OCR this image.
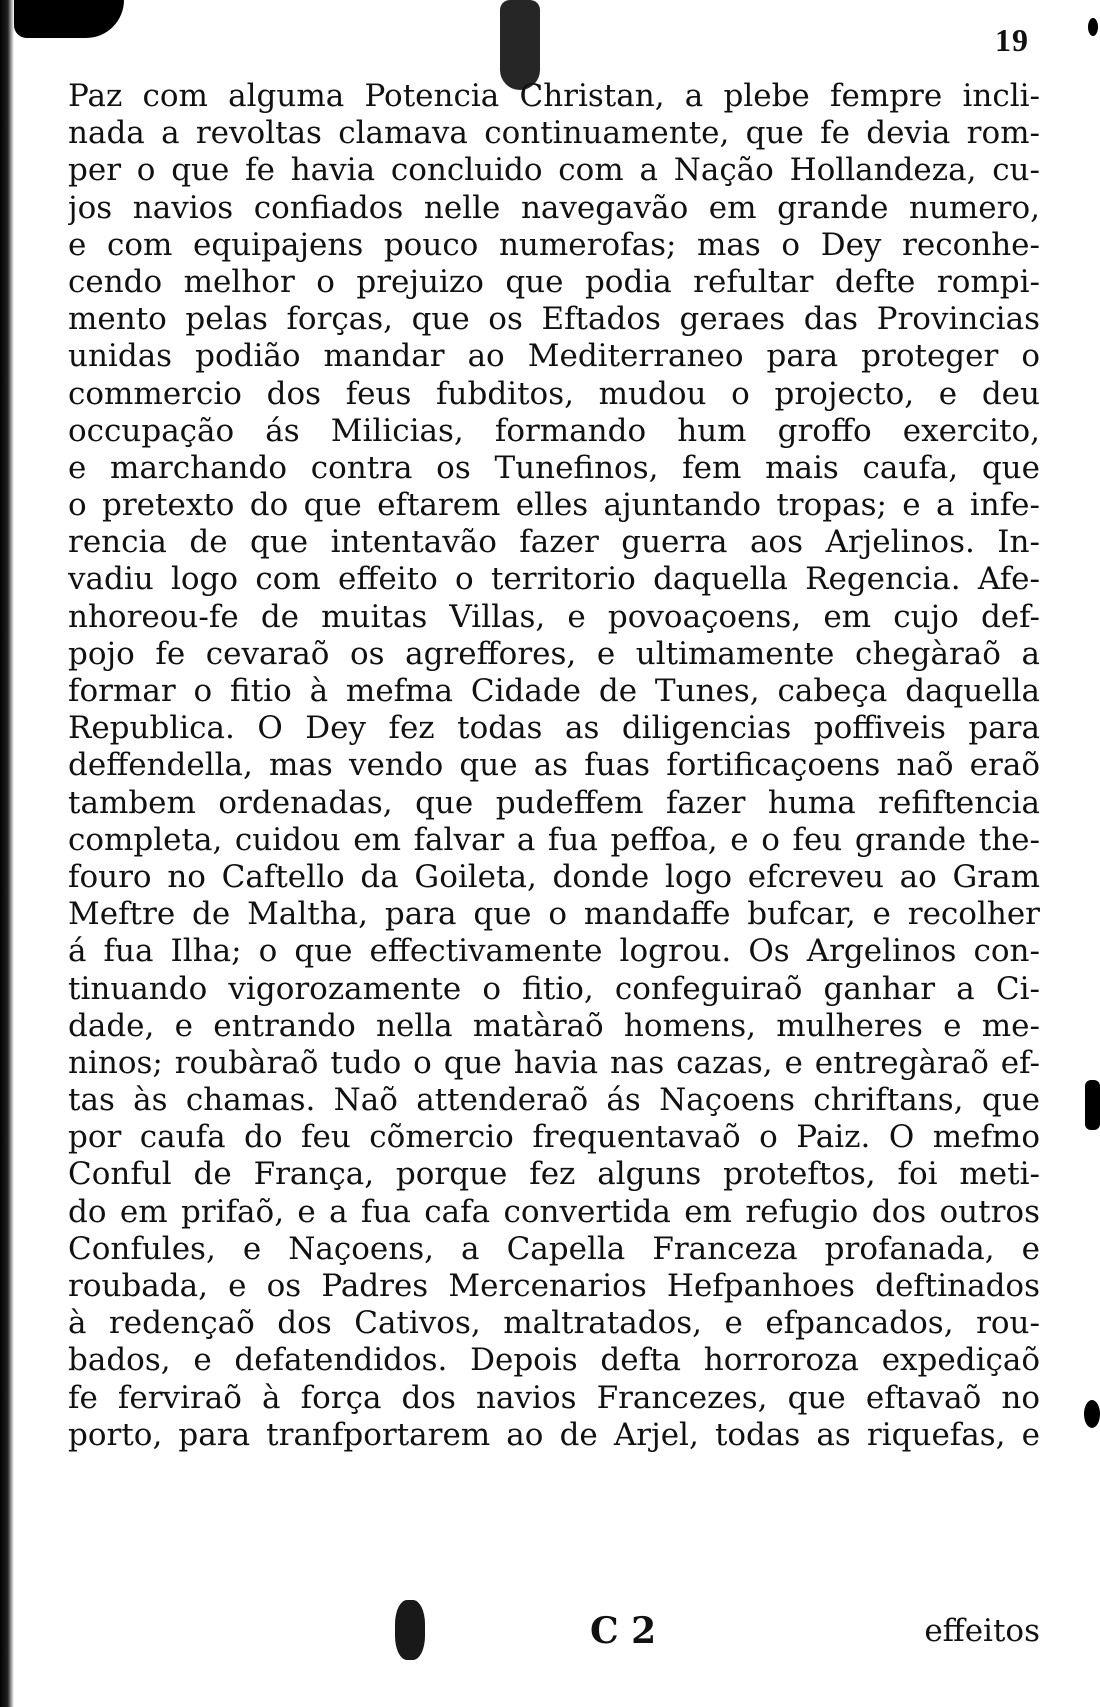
19
Paz com alguma Potencia Christan, a plebe fempre incli-
nada a revoltas clamava continuamente, que fe devia rom-
per o que fe havia concluido com a Nação Hollandeza, cu-
jos navios confiados nelle navegavão em grande numero,
e com equipajens pouco numerofas; mas o Dey reconhe-
cendo melhor o prejuizo que podia refultar defte rompi-
mento pelas forças, que os Eftados geraes das Provincias
unidas podião mandar ao Mediterraneo para proteger o
commercio dos feus fubditos, mudou o projecto, e deu
occupação ás Milicias, formando hum groffo exercito,
e marchando contra os Tunefinos, fem mais caufa, que
o pretexto do que eftarem elles ajuntando tropas; e a infe-
rencia de que intentavão fazer guerra aos Arjelinos. In-
vadiu logo com effeito o territorio daquella Regencia. Afe-
nhoreou-fe de muitas Villas, e povoaçoens, em cujo def-
pojo fe cevaraõ os agreffores, e ultimamente chegàraõ a
formar o fitio à mefma Cidade de Tunes, cabeça daquella
Republica. O Dey fez todas as diligencias poffiveis para
deffendella, mas vendo que as fuas fortificaçoens naõ eraõ
tambem ordenadas, que pudeffem fazer huma refiftencia
completa, cuidou em falvar a fua peffoa, e o feu grande the-
fouro no Caftello da Goileta, donde logo efcreveu ao Gram
Meftre de Maltha, para que o mandaffe bufcar, e recolher
á fua Ilha; o que effectivamente logrou. Os Argelinos con-
tinuando vigorozamente o fitio, confeguiraõ ganhar a Ci-
dade, e entrando nella matàraõ homens, mulheres e me-
ninos; roubàraõ tudo o que havia nas cazas, e entregàraõ ef-
tas às chamas. Naõ attenderaõ ás Naçoens chriftans, que
por caufa do feu cõmercio frequentavaõ o Paiz. O mefmo
Conful de França, porque fez alguns proteftos, foi meti-
do em prifaõ, e a fua cafa convertida em refugio dos outros
Confules, e Naçoens, a Capella Franceza profanada, e
roubada, e os Padres Mercenarios Hefpanhoes deftinados
à redençaõ dos Cativos, maltratados, e efpancados, rou-
bados, e defatendidos. Depois defta horroroza expediçaõ
fe ferviraõ à força dos navios Francezes, que eftavaõ no
porto, para tranfportarem ao de Arjel, todas as riquefas, e
C 2	effeitos
